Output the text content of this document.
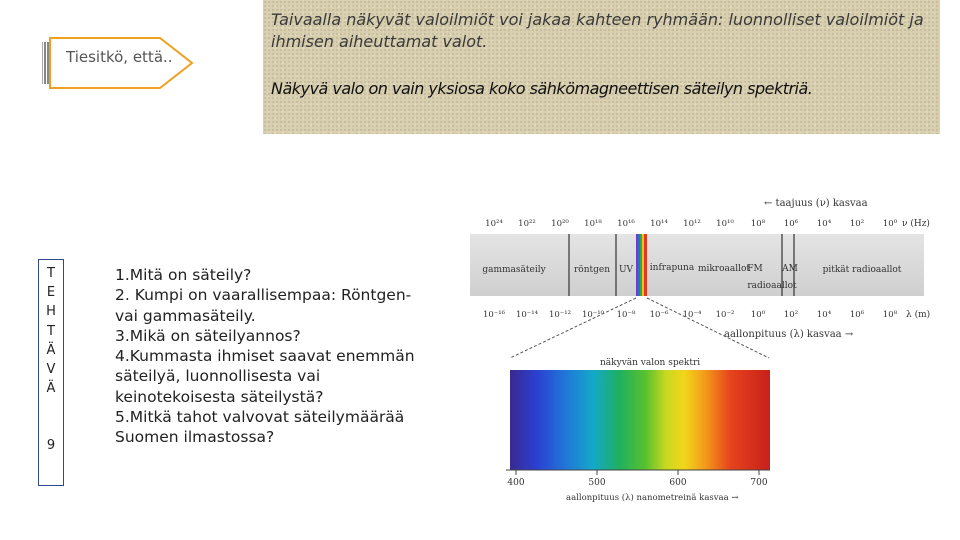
Tiesitkö, että..
Taivaalla näkyvät valoilmiöt voi jakaa kahteen ryhmään: luonnolliset valoilmiöt ja ihmisen aiheuttamat valot.
Näkyvä valo on vain yksiosa koko sähkömagneettisen säteilyn spektriä.
T
E
H
T
Ä
V
Ä
9
1.Mitä on säteily?
2. Kumpi on vaarallisempaa: Röntgen-
vai gammasäteily.
3.Mikä on säteilyannos?
4.Kummasta ihmiset saavat enemmän
säteilyä, luonnollisesta vai
keinotekoisesta säteilystä?
5.Mitkä tahot valvovat säteilymäärää
Suomen ilmastossa?
← taajuus (ν) kasvaa
10²⁴ 10²² 10²⁰ 10¹⁸ 10¹⁶ 10¹⁴ 10¹² 10¹⁰ 10⁸ 10⁶ 10⁴ 10² 10⁰ ν (Hz)
gammasäteily	röntgen UV infrapuna mikroaallot
FM AM
radioaallot
pitkät radioaallot
10⁻¹⁶ 10⁻¹⁴ 10⁻¹² 10⁻¹⁰ 10⁻⁸ 10⁻⁶ 10⁻⁴ 10⁻² 10⁰ 10² 10⁴ 10⁶ 10⁸ λ (m)
aallonpituus (λ) kasvaa →
näkyvän valon spektri
400	500	600	700
aallonpituus (λ) nanometreinä kasvaa →
